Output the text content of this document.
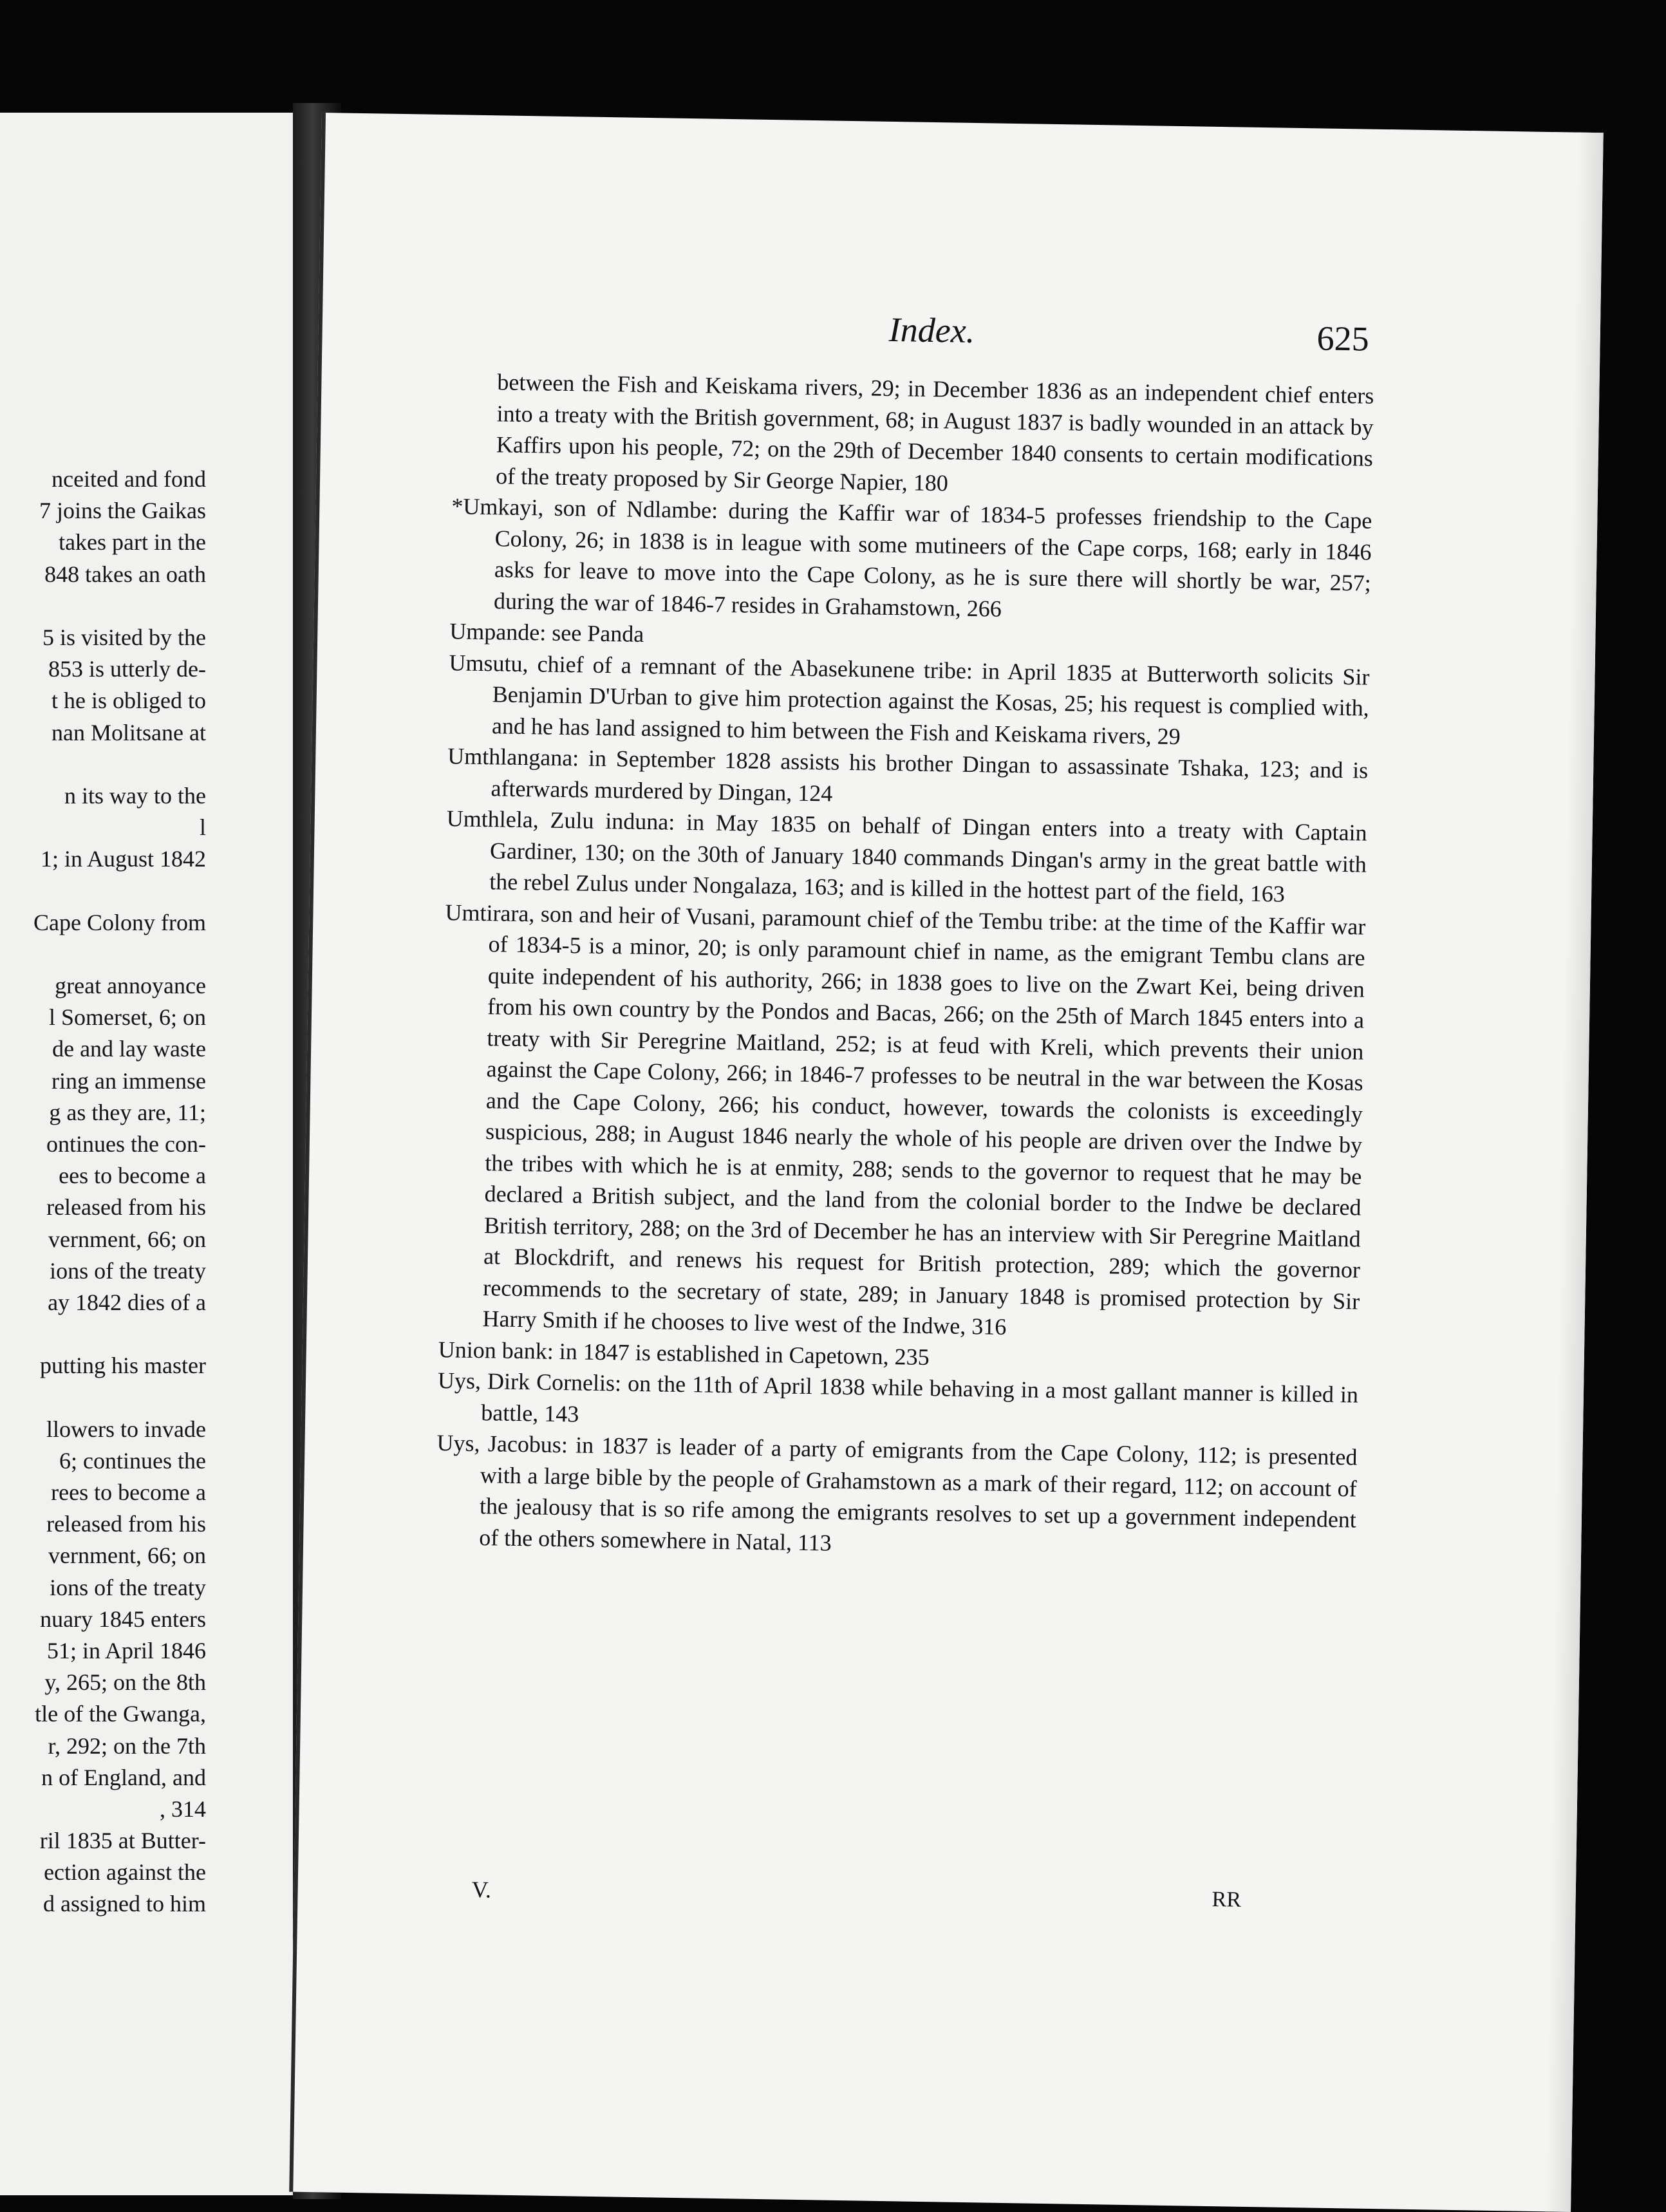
nceited and fond
7 joins the Gaikas
takes part in the
848 takes an oath
5 is visited by the
853 is utterly de-
t he is obliged to
nan Molitsane at
n its way to the
l
1; in August 1842
Cape Colony from
great annoyance
l Somerset, 6; on
de and lay waste
ring an immense
g as they are, 11;
ontinues the con-
ees to become a
released from his
vernment, 66; on
ions of the treaty
ay 1842 dies of a
putting his master
llowers to invade
6; continues the
rees to become a
released from his
vernment, 66; on
ions of the treaty
nuary 1845 enters
51; in April 1846
y, 265; on the 8th
tle of the Gwanga,
r, 292; on the 7th
n of England, and
, 314
ril 1835 at Butter-
ection against the
d assigned to him
Index.	625

between the Fish and Keiskama rivers, 29; in December 1836 as an independent chief enters into a treaty with the British government, 68; in August 1837 is badly wounded in an attack by Kaffirs upon his people, 72; on the 29th of December 1840 consents to certain modifications of the treaty proposed by Sir George Napier, 180

*Umkayi, son of Ndlambe: during the Kaffir war of 1834-5 professes friendship to the Cape Colony, 26; in 1838 is in league with some mutineers of the Cape corps, 168; early in 1846 asks for leave to move into the Cape Colony, as he is sure there will shortly be war, 257; during the war of 1846-7 resides in Grahamstown, 266

Umpande: see Panda

Umsutu, chief of a remnant of the Abasekunene tribe: in April 1835 at Butterworth solicits Sir Benjamin D'Urban to give him protection against the Kosas, 25; his request is complied with, and he has land assigned to him between the Fish and Keiskama rivers, 29

Umthlangana: in September 1828 assists his brother Dingan to assassinate Tshaka, 123; and is afterwards murdered by Dingan, 124

Umthlela, Zulu induna: in May 1835 on behalf of Dingan enters into a treaty with Captain Gardiner, 130; on the 30th of January 1840 commands Dingan's army in the great battle with the rebel Zulus under Nongalaza, 163; and is killed in the hottest part of the field, 163

Umtirara, son and heir of Vusani, paramount chief of the Tembu tribe: at the time of the Kaffir war of 1834-5 is a minor, 20; is only paramount chief in name, as the emigrant Tembu clans are quite independent of his authority, 266; in 1838 goes to live on the Zwart Kei, being driven from his own country by the Pondos and Bacas, 266; on the 25th of March 1845 enters into a treaty with Sir Peregrine Maitland, 252; is at feud with Kreli, which prevents their union against the Cape Colony, 266; in 1846-7 professes to be neutral in the war between the Kosas and the Cape Colony, 266; his conduct, however, towards the colonists is exceedingly suspicious, 288; in August 1846 nearly the whole of his people are driven over the Indwe by the tribes with which he is at enmity, 288; sends to the governor to request that he may be declared a British subject, and the land from the colonial border to the Indwe be declared British territory, 288; on the 3rd of December he has an interview with Sir Peregrine Maitland at Blockdrift, and renews his request for British protection, 289; which the governor recommends to the secretary of state, 289; in January 1848 is promised protection by Sir Harry Smith if he chooses to live west of the Indwe, 316

Union bank: in 1847 is established in Capetown, 235

Uys, Dirk Cornelis: on the 11th of April 1838 while behaving in a most gallant manner is killed in battle, 143

Uys, Jacobus: in 1837 is leader of a party of emigrants from the Cape Colony, 112; is presented with a large bible by the people of Grahamstown as a mark of their regard, 112; on account of the jealousy that is so rife among the emigrants resolves to set up a government independent of the others somewhere in Natal, 113

V.	RR
